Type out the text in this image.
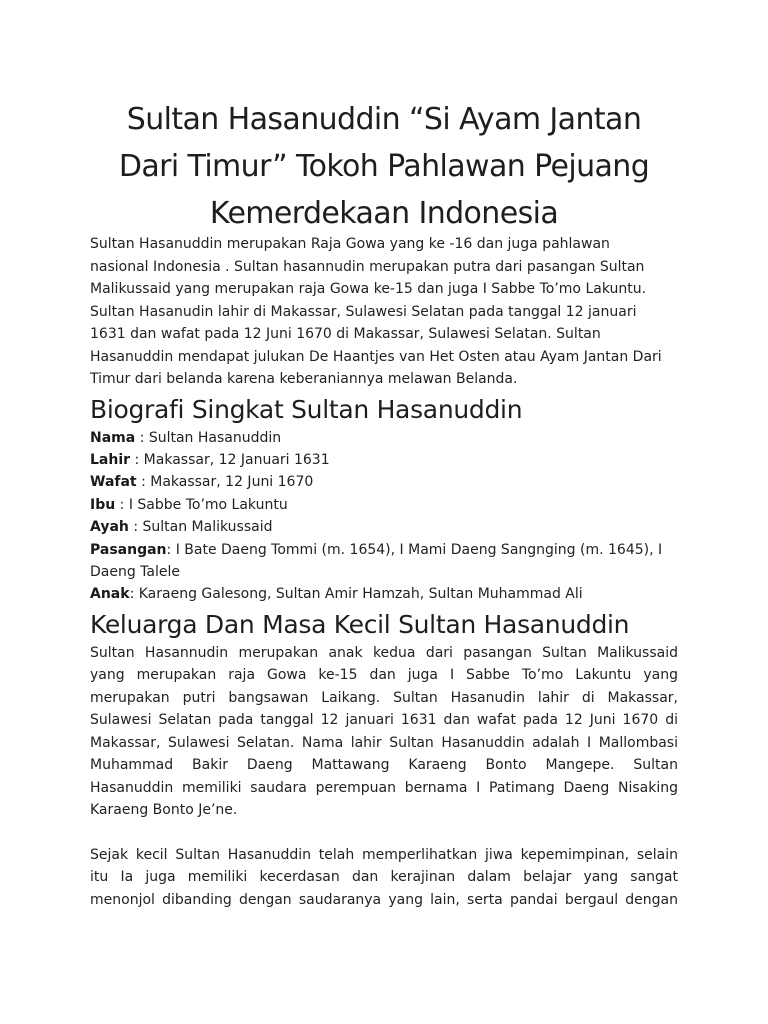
Sultan Hasanuddin “Si Ayam Jantan
Dari Timur” Tokoh Pahlawan Pejuang
Kemerdekaan Indonesia

Sultan Hasanuddin merupakan Raja Gowa yang ke -16 dan juga pahlawan
nasional Indonesia . Sultan hasannudin merupakan putra dari pasangan Sultan
Malikussaid yang merupakan raja Gowa ke-15 dan juga I Sabbe To’mo Lakuntu.
Sultan Hasanudin lahir di Makassar, Sulawesi Selatan pada tanggal 12 januari
1631 dan wafat pada 12 Juni 1670 di Makassar, Sulawesi Selatan. Sultan
Hasanuddin mendapat julukan De Haantjes van Het Osten atau Ayam Jantan Dari
Timur dari belanda karena keberaniannya melawan Belanda.

Biografi Singkat Sultan Hasanuddin
Nama : Sultan Hasanuddin
Lahir : Makassar, 12 Januari 1631
Wafat : Makassar, 12 Juni 1670
Ibu : I Sabbe To’mo Lakuntu
Ayah : Sultan Malikussaid
Pasangan: I Bate Daeng Tommi (m. 1654), I Mami Daeng Sangnging (m. 1645), I
Daeng Talele
Anak: Karaeng Galesong, Sultan Amir Hamzah, Sultan Muhammad Ali
Keluarga Dan Masa Kecil Sultan Hasanuddin

Sultan Hasannudin merupakan anak kedua dari pasangan Sultan Malikussaid
yang merupakan raja Gowa ke-15 dan juga I Sabbe To’mo Lakuntu yang
merupakan putri bangsawan Laikang. Sultan Hasanudin lahir di Makassar,
Sulawesi Selatan pada tanggal 12 januari 1631 dan wafat pada 12 Juni 1670 di
Makassar, Sulawesi Selatan. Nama lahir Sultan Hasanuddin adalah I Mallombasi
Muhammad Bakir Daeng Mattawang Karaeng Bonto Mangepe. Sultan
Hasanuddin memiliki saudara perempuan bernama I Patimang Daeng Nisaking
Karaeng Bonto Je’ne.

Sejak kecil Sultan Hasanuddin telah memperlihatkan jiwa kepemimpinan, selain
itu Ia juga memiliki kecerdasan dan kerajinan dalam belajar yang sangat
menonjol dibanding dengan saudaranya yang lain, serta pandai bergaul dengan
